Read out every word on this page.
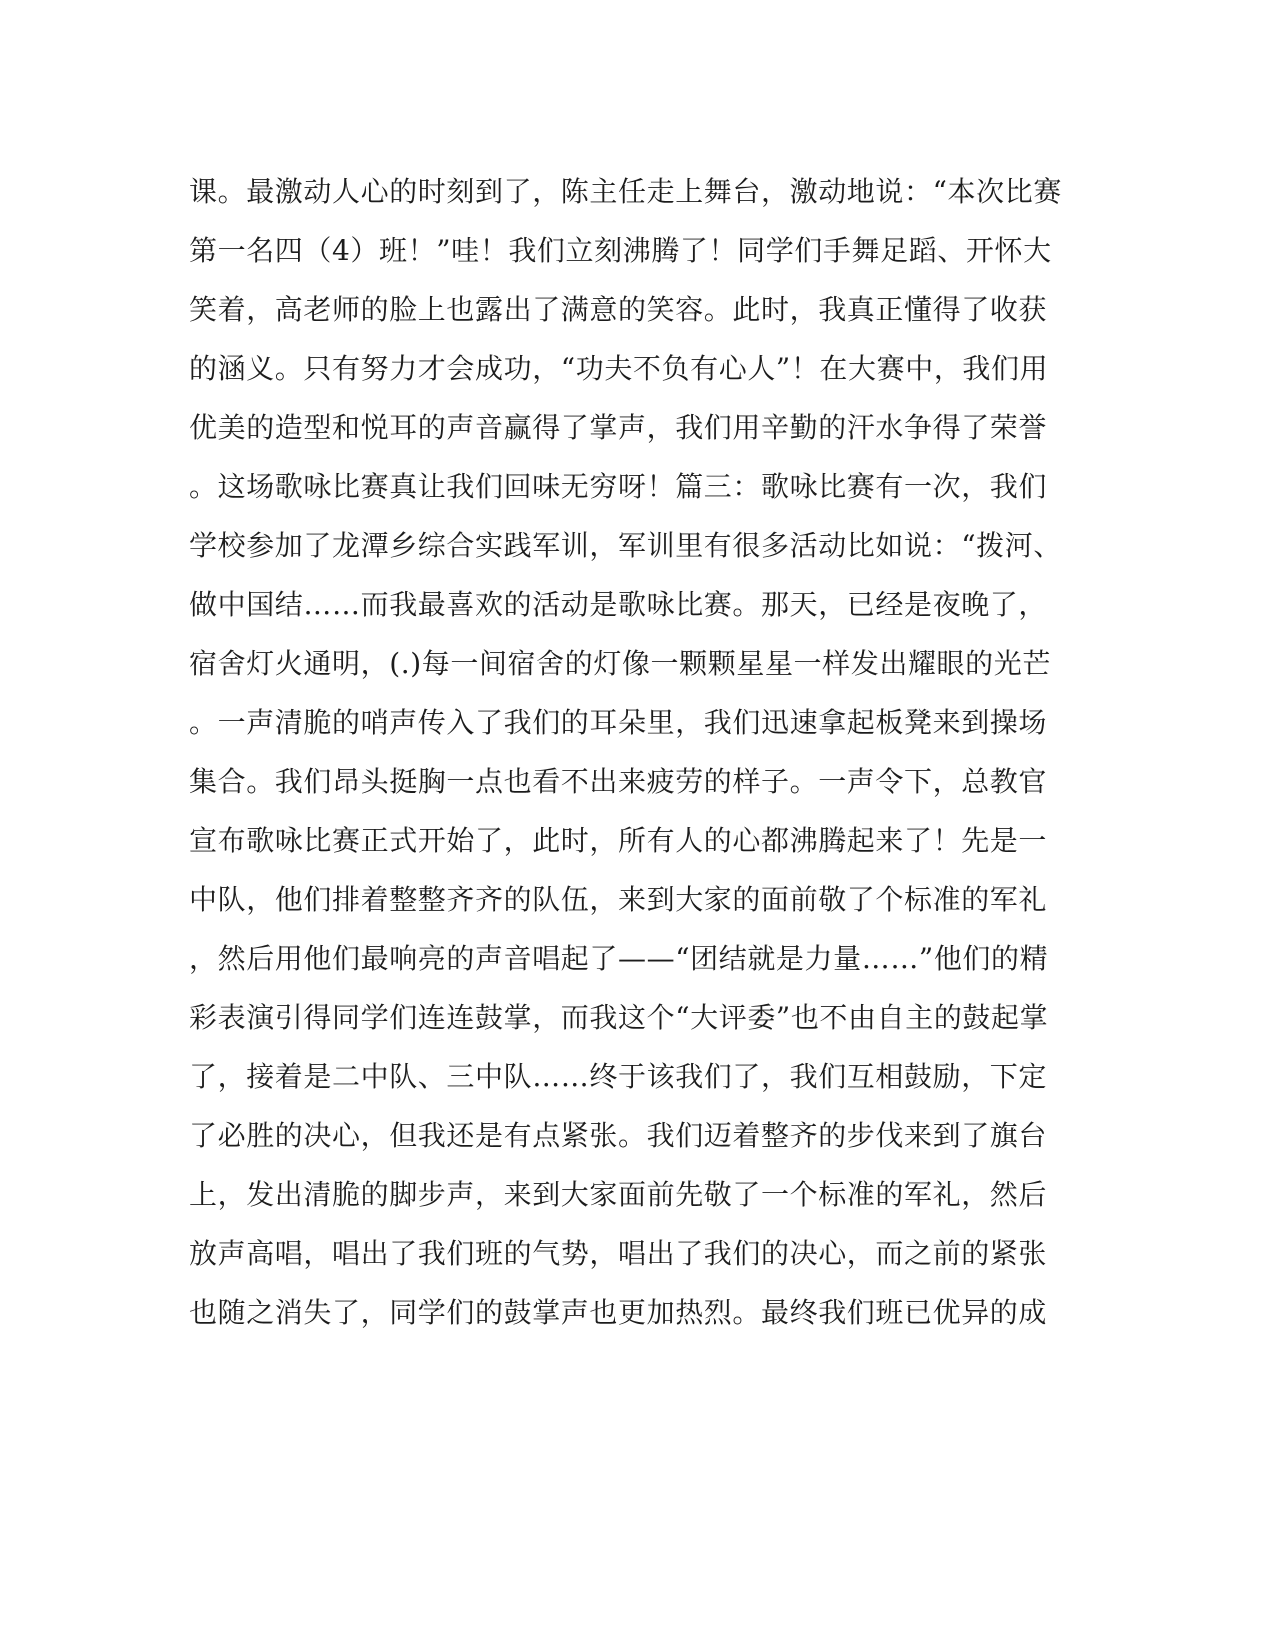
课。最激动人心的时刻到了，陈主任走上舞台，激动地说：“本次比赛
第一名四（4）班！”哇！我们立刻沸腾了！同学们手舞足蹈、开怀大
笑着，高老师的脸上也露出了满意的笑容。此时，我真正懂得了收获
的涵义。只有努力才会成功，“功夫不负有心人”！在大赛中，我们用
优美的造型和悦耳的声音赢得了掌声，我们用辛勤的汗水争得了荣誉
。这场歌咏比赛真让我们回味无穷呀！篇三：歌咏比赛有一次，我们
学校参加了龙潭乡综合实践军训，军训里有很多活动比如说：“拨河、
做中国结……而我最喜欢的活动是歌咏比赛。那天，已经是夜晚了，
宿舍灯火通明，(.)每一间宿舍的灯像一颗颗星星一样发出耀眼的光芒
。一声清脆的哨声传入了我们的耳朵里，我们迅速拿起板凳来到操场
集合。我们昂头挺胸一点也看不出来疲劳的样子。一声令下，总教官
宣布歌咏比赛正式开始了，此时，所有人的心都沸腾起来了！先是一
中队，他们排着整整齐齐的队伍，来到大家的面前敬了个标准的军礼
，然后用他们最响亮的声音唱起了——“团结就是力量……”他们的精
彩表演引得同学们连连鼓掌，而我这个“大评委”也不由自主的鼓起掌
了，接着是二中队、三中队……终于该我们了，我们互相鼓励，下定
了必胜的决心，但我还是有点紧张。我们迈着整齐的步伐来到了旗台
上，发出清脆的脚步声，来到大家面前先敬了一个标准的军礼，然后
放声高唱，唱出了我们班的气势，唱出了我们的决心，而之前的紧张
也随之消失了，同学们的鼓掌声也更加热烈。最终我们班已优异的成
